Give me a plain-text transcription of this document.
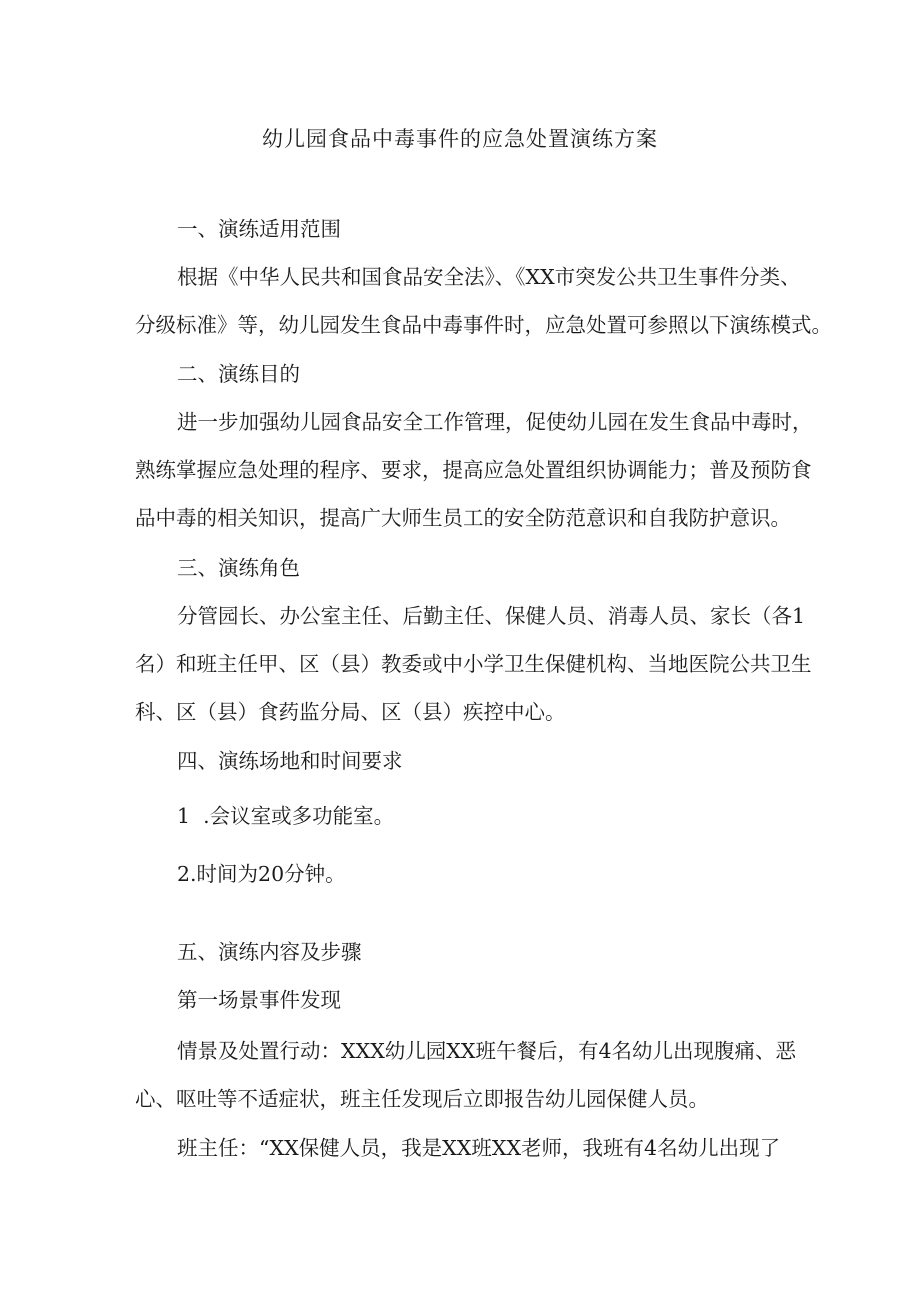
幼儿园食品中毒事件的应急处置演练方案
一、演练适用范围
根据《中华人民共和国食品安全法》、《XX市突发公共卫生事件分类、
分级标准》等，幼儿园发生食品中毒事件时，应急处置可参照以下演练模式。
二、演练目的
进一步加强幼儿园食品安全工作管理，促使幼儿园在发生食品中毒时，
熟练掌握应急处理的程序、要求，提高应急处置组织协调能力；普及预防食
品中毒的相关知识，提高广大师生员工的安全防范意识和自我防护意识。
三、演练角色
分管园长、办公室主任、后勤主任、保健人员、消毒人员、家长（各1
名）和班主任甲、区（县）教委或中小学卫生保健机构、当地医院公共卫生
科、区（县）食药监分局、区（县）疾控中心。
四、演练场地和时间要求
1  .会议室或多功能室。
2.时间为20分钟。
五、演练内容及步骤
第一场景事件发现
情景及处置行动：XXX幼儿园XX班午餐后，有4名幼儿出现腹痛、恶
心、呕吐等不适症状，班主任发现后立即报告幼儿园保健人员。
班主任：“XX保健人员，我是XX班XX老师，我班有4名幼儿出现了
